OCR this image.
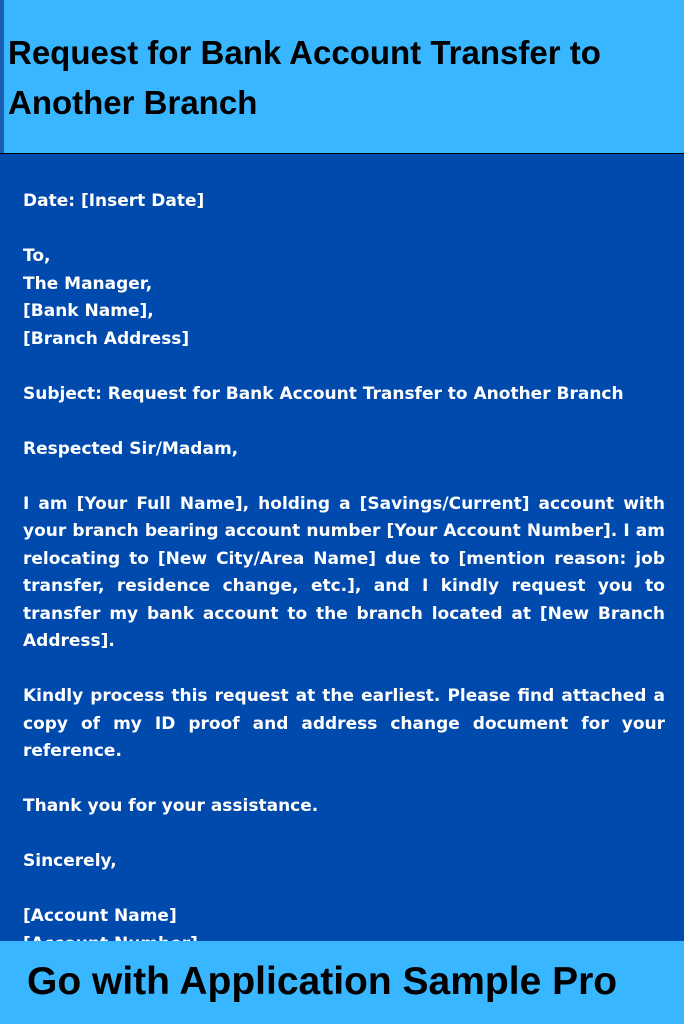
Request for Bank Account Transfer to
Another Branch

Date: [Insert Date]

To,
The Manager,
[Bank Name],
[Branch Address]

Subject: Request for Bank Account Transfer to Another Branch

Respected Sir/Madam,

I am [Your Full Name], holding a [Savings/Current] account with your branch bearing account number [Your Account Number]. I am relocating to [New City/Area Name] due to [mention reason: job transfer, residence change, etc.], and I kindly request you to transfer my bank account to the branch located at [New Branch Address].

Kindly process this request at the earliest. Please find attached a copy of my ID proof and address change document for your reference.

Thank you for your assistance.

Sincerely,

[Account Name]

Go with Application Sample Pro
